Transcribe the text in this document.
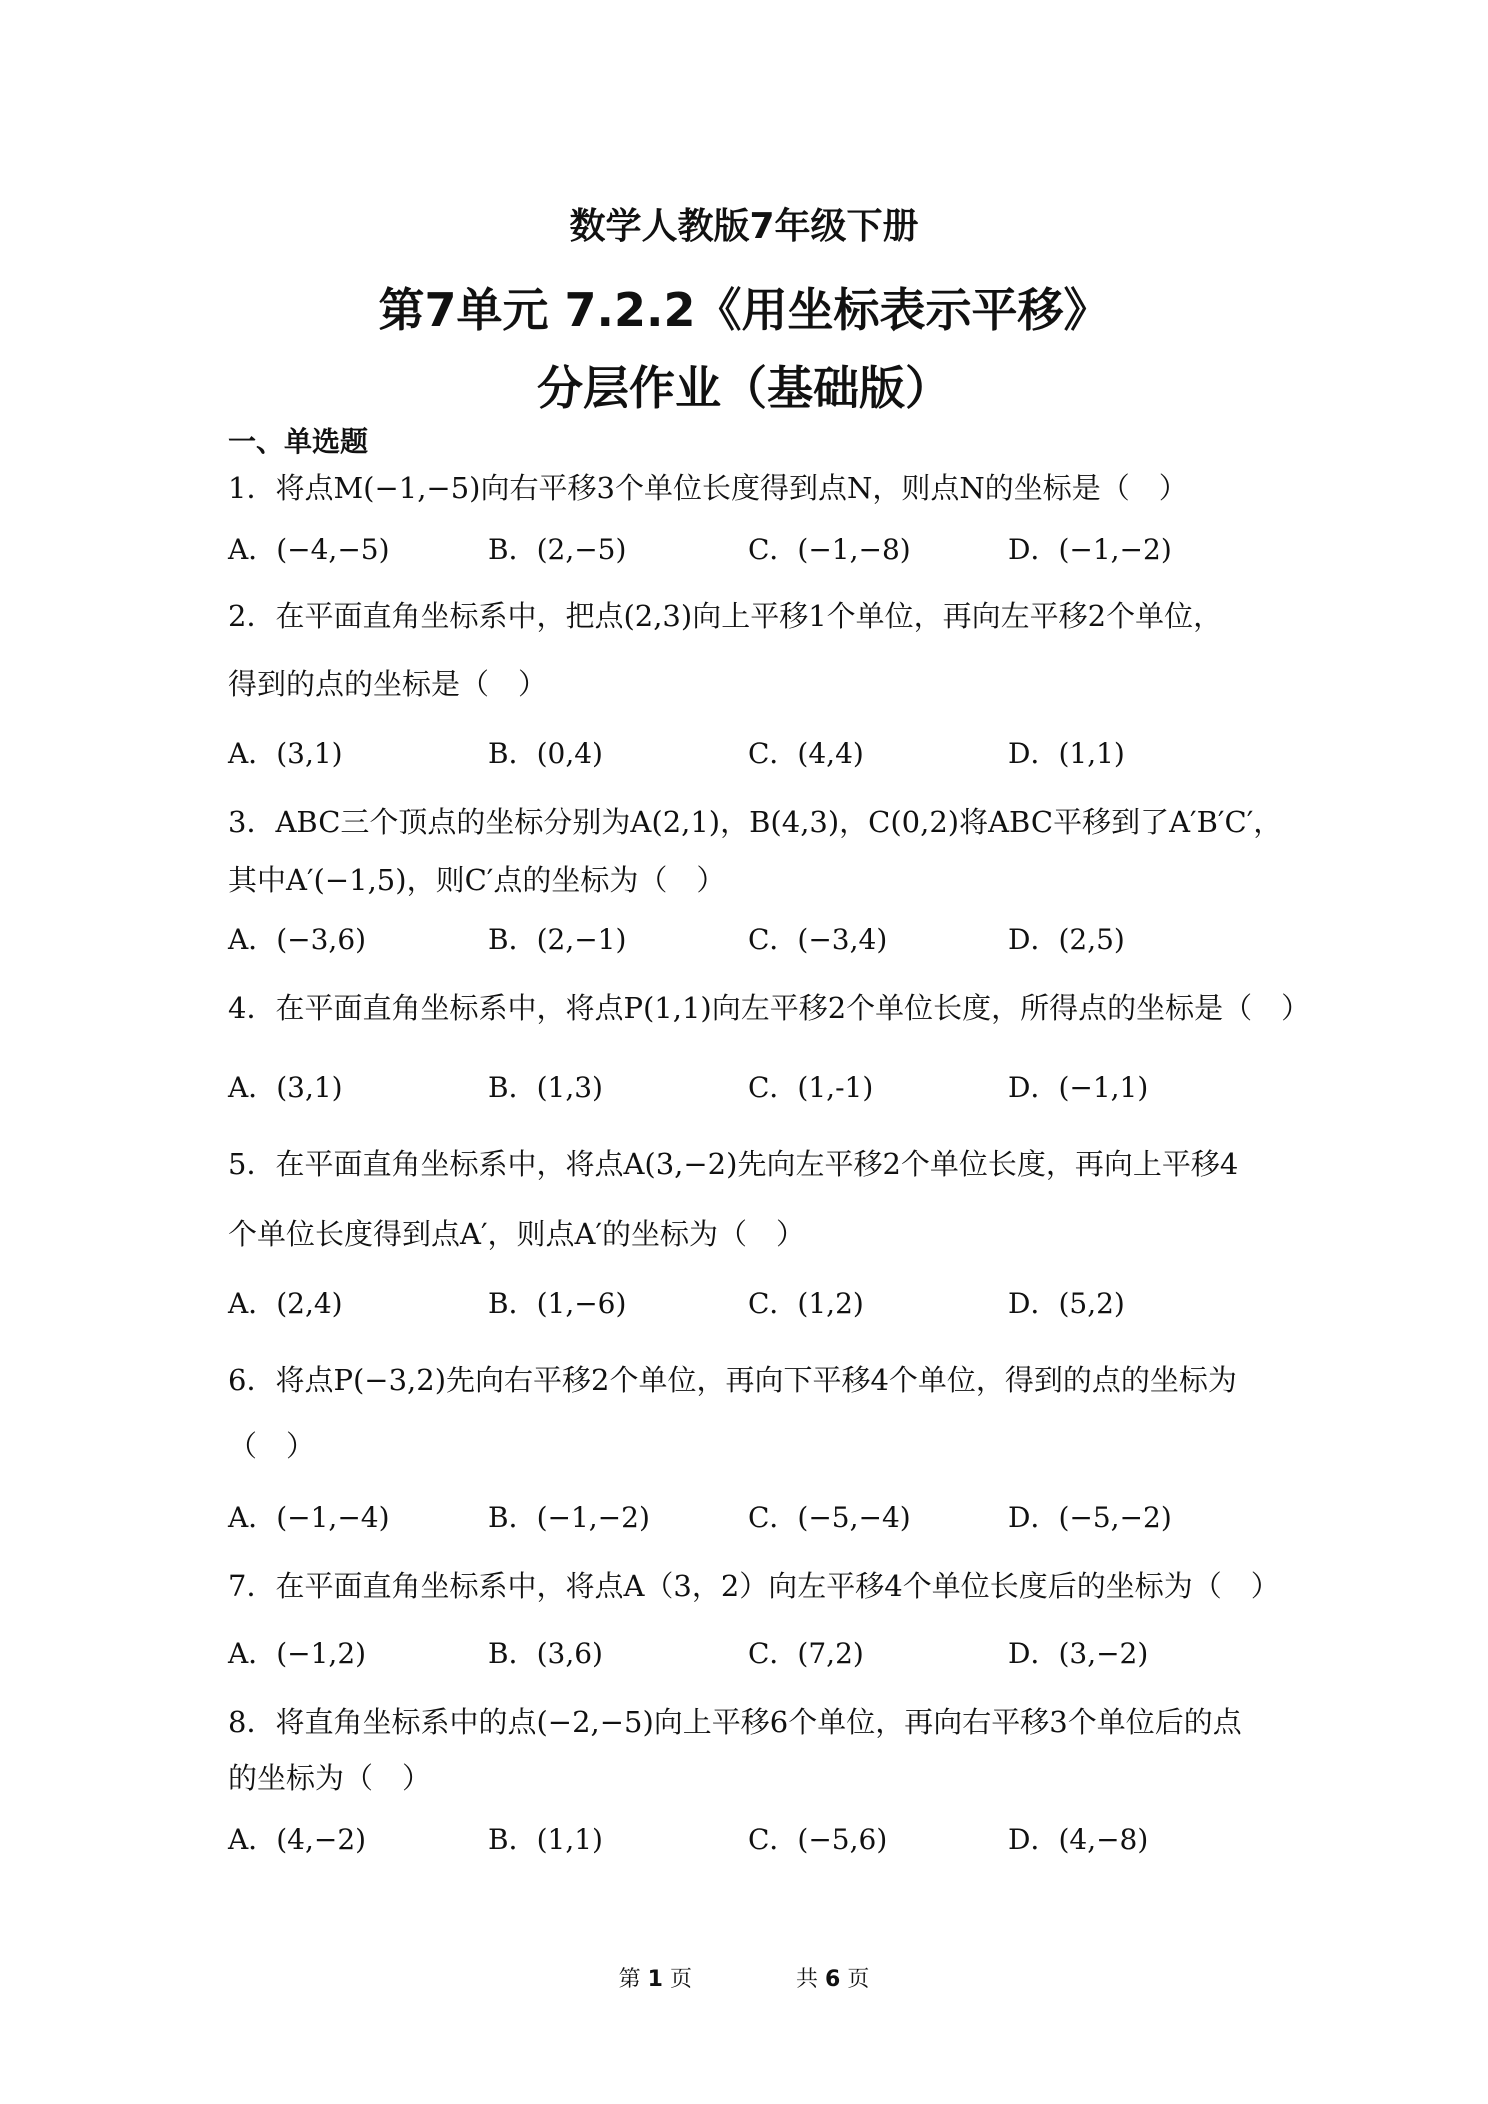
数学人教版7年级下册
第7单元 7.2.2《用坐标表示平移》
分层作业（基础版）
一、单选题
1．将点M(−1,−5)向右平移3个单位长度得到点N，则点N的坐标是（　）
A．(−4,−5)	B．(2,−5)	C．(−1,−8)	D．(−1,−2)
2．在平面直角坐标系中，把点(2,3)向上平移1个单位，再向左平移2个单位，
得到的点的坐标是（　）
A．(3,1)	B．(0,4)	C．(4,4)	D．(1,1)
3．ABC三个顶点的坐标分别为A(2,1)，B(4,3)，C(0,2)将ABC平移到了A′B′C′，
其中A′(−1,5)，则C′点的坐标为（　）
A．(−3,6)	B．(2,−1)	C．(−3,4)	D．(2,5)
4．在平面直角坐标系中，将点P(1,1)向左平移2个单位长度，所得点的坐标是（　）
A．(3,1)	B．(1,3)	C．(1,-1)	D．(−1,1)
5．在平面直角坐标系中，将点A(3,−2)先向左平移2个单位长度，再向上平移4
个单位长度得到点A′，则点A′的坐标为（　）
A．(2,4)	B．(1,−6)	C．(1,2)	D．(5,2)
6．将点P(−3,2)先向右平移2个单位，再向下平移4个单位，得到的点的坐标为
（　）
A．(−1,−4)	B．(−1,−2)	C．(−5,−4)	D．(−5,−2)
7．在平面直角坐标系中，将点A（3，2）向左平移4个单位长度后的坐标为（　）
A．(−1,2)	B．(3,6)	C．(7,2)	D．(3,−2)
8．将直角坐标系中的点(−2,−5)向上平移6个单位，再向右平移3个单位后的点
的坐标为（　）
A．(4,−2)	B．(1,1)	C．(−5,6)	D．(4,−8)
第 1 页	共 6 页
